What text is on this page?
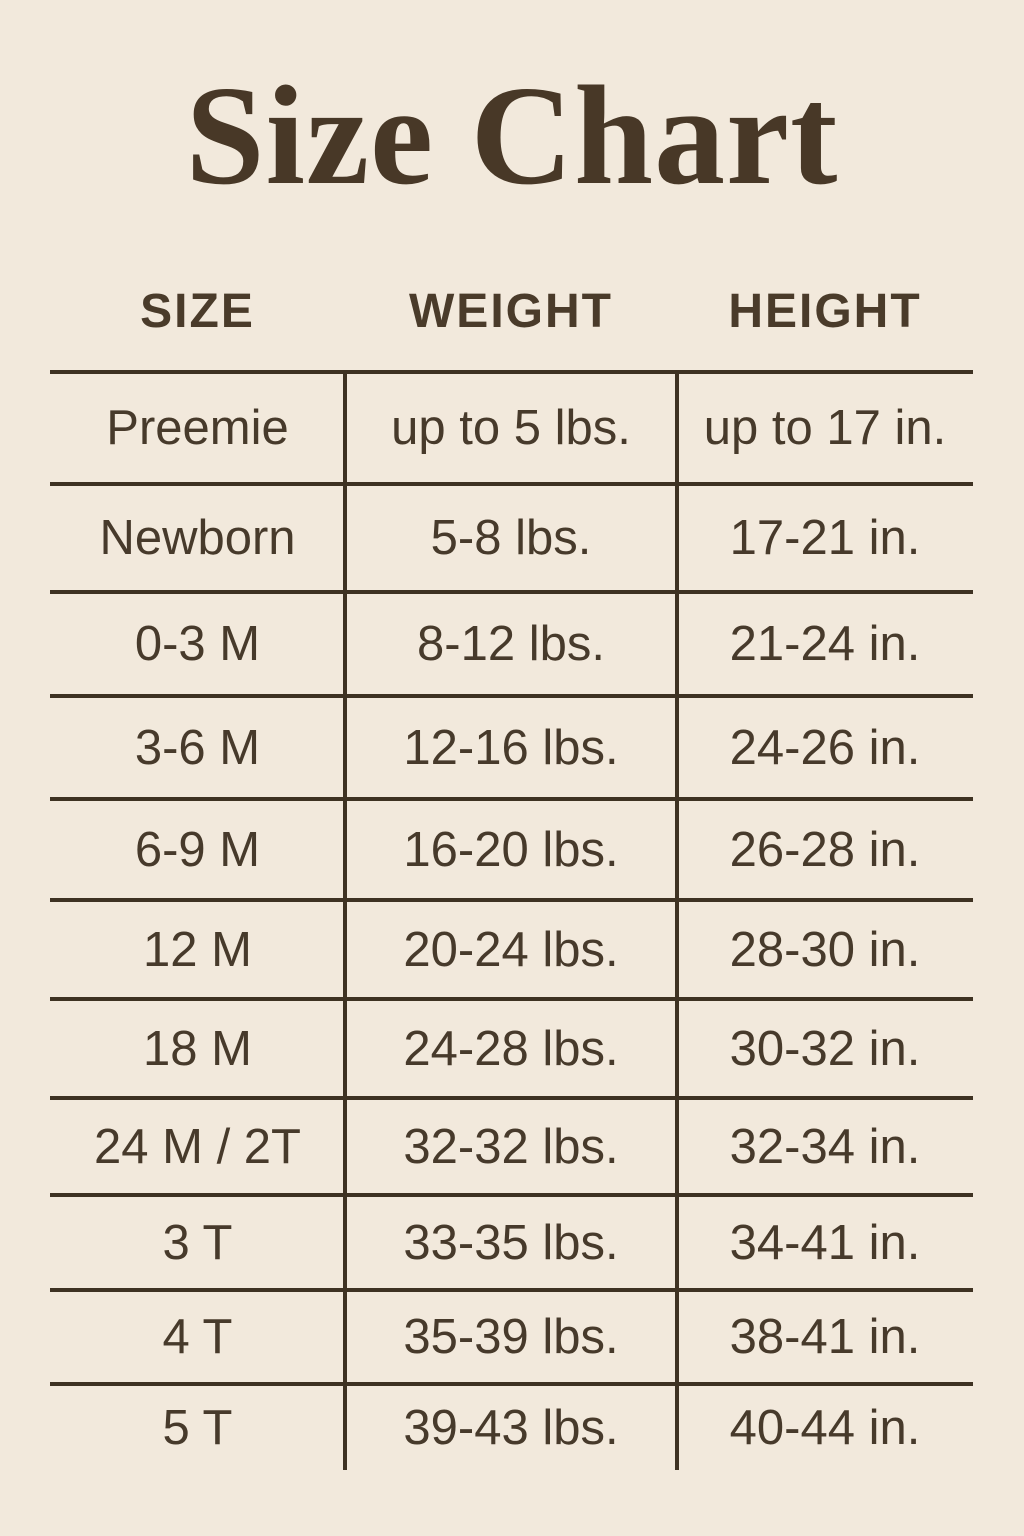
Size Chart
SIZE	WEIGHT	HEIGHT
Preemie	up to 5 lbs.	up to 17 in.
Newborn	5-8 lbs.	17-21 in.
0-3 M	8-12 lbs.	21-24 in.
3-6 M	12-16 lbs.	24-26 in.
6-9 M	16-20 lbs.	26-28 in.
12 M	20-24 lbs.	28-30 in.
18 M	24-28 lbs.	30-32 in.
24 M / 2T	32-32 lbs.	32-34 in.
3 T	33-35 lbs.	34-41 in.
4 T	35-39 lbs.	38-41 in.
5 T	39-43 lbs.	40-44 in.
